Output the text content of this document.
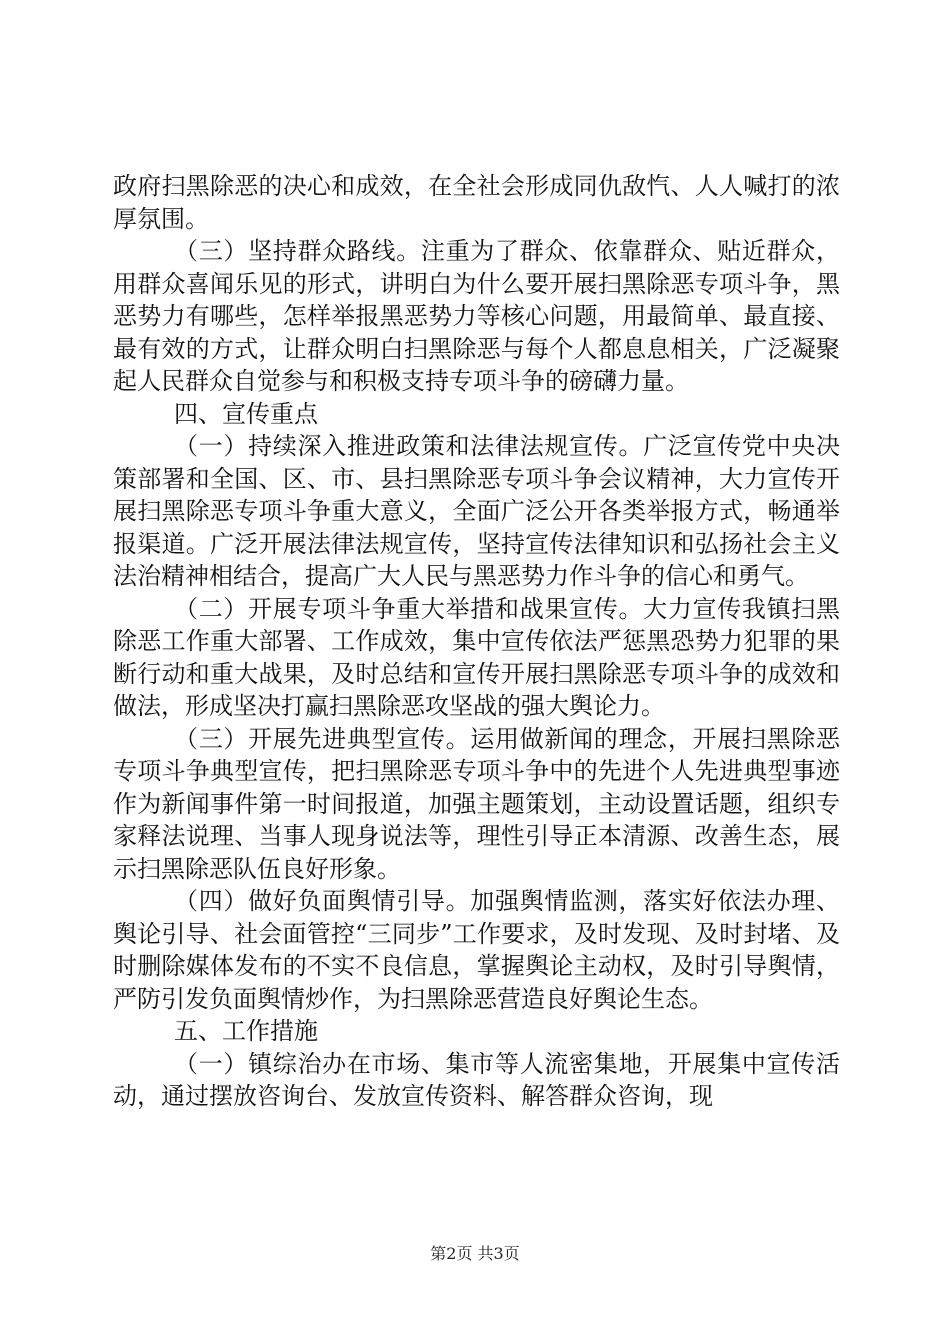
政府扫黑除恶的决心和成效，在全社会形成同仇敌忾、人人喊打的浓厚氛围。

（三）坚持群众路线。注重为了群众、依靠群众、贴近群众，用群众喜闻乐见的形式，讲明白为什么要开展扫黑除恶专项斗争，黑恶势力有哪些，怎样举报黑恶势力等核心问题，用最简单、最直接、最有效的方式，让群众明白扫黑除恶与每个人都息息相关，广泛凝聚起人民群众自觉参与和积极支持专项斗争的磅礴力量。

四、宣传重点

（一）持续深入推进政策和法律法规宣传。广泛宣传党中央决策部署和全国、区、市、县扫黑除恶专项斗争会议精神，大力宣传开展扫黑除恶专项斗争重大意义，全面广泛公开各类举报方式，畅通举报渠道。广泛开展法律法规宣传，坚持宣传法律知识和弘扬社会主义法治精神相结合，提高广大人民与黑恶势力作斗争的信心和勇气。

（二）开展专项斗争重大举措和战果宣传。大力宣传我镇扫黑除恶工作重大部署、工作成效，集中宣传依法严惩黑恐势力犯罪的果断行动和重大战果，及时总结和宣传开展扫黑除恶专项斗争的成效和做法，形成坚决打赢扫黑除恶攻坚战的强大舆论力。

（三）开展先进典型宣传。运用做新闻的理念，开展扫黑除恶专项斗争典型宣传，把扫黑除恶专项斗争中的先进个人先进典型事迹作为新闻事件第一时间报道，加强主题策划，主动设置话题，组织专家释法说理、当事人现身说法等，理性引导正本清源、改善生态，展示扫黑除恶队伍良好形象。

（四）做好负面舆情引导。加强舆情监测，落实好依法办理、舆论引导、社会面管控“三同步”工作要求，及时发现、及时封堵、及时删除媒体发布的不实不良信息，掌握舆论主动权，及时引导舆情，严防引发负面舆情炒作，为扫黑除恶营造良好舆论生态。

五、工作措施

（一）镇综治办在市场、集市等人流密集地，开展集中宣传活动，通过摆放咨询台、发放宣传资料、解答群众咨询，现

第2页 共3页
